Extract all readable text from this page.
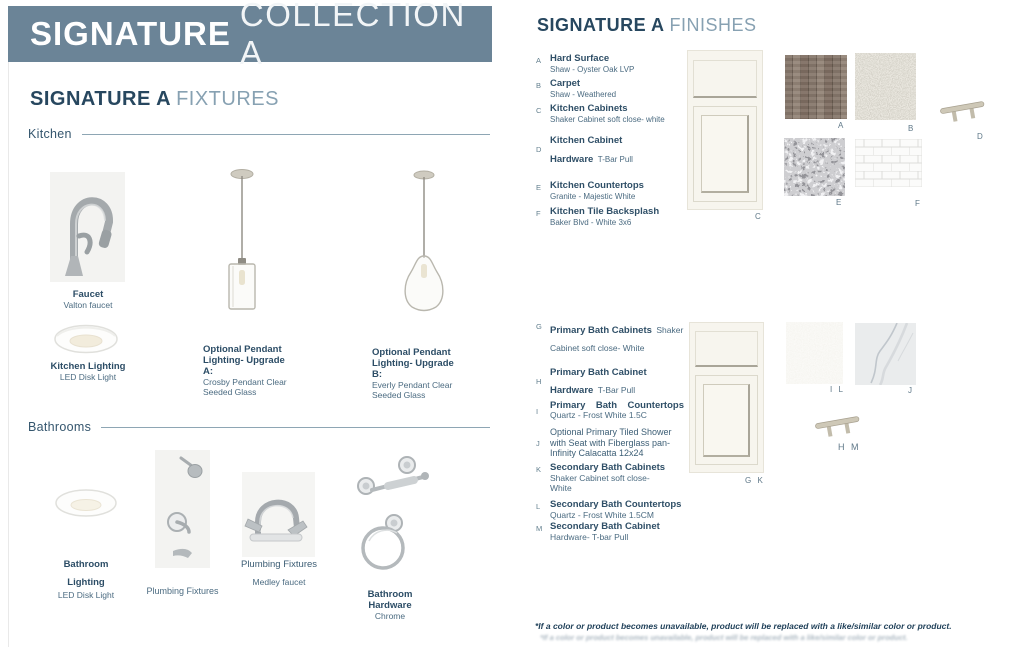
SIGNATURE
COLLECTION A
SIGNATURE A FIXTURES
Kitchen
Faucet
Valton faucet
Kitchen Lighting
LED Disk Light
Optional Pendant Lighting- Upgrade A:
Crosby Pendant Clear Seeded Glass
Optional Pendant Lighting- Upgrade B:
Everly Pendant Clear Seeded Glass
Bathrooms
Bathroom Lighting
LED Disk Light	Plumbing Fixtures
Plumbing Fixtures Medley faucet
Bathroom Hardware
Chrome
SIGNATURE A FINISHES
A Hard Surface
Shaw - Oyster Oak LVP
B Carpet
Shaw - Weathered
C Kitchen Cabinets
Shaker Cabinet soft close- white
D
Kitchen Cabinet Hardware T-Bar Pull
E Kitchen Countertops
Granite - Majestic White
F Kitchen Tile Backsplash
Baker Blvd - White 3x6
C
A	B
D
E	F
G Primary Bath Cabinets Shaker Cabinet soft close- White
H
Primary Bath Cabinet Hardware T-Bar Pull
I
Primary Bath Countertops
Quartz - Frost White 1.5C
J
Optional Primary Tiled Shower with Seat with Fiberglass pan- Infinity Calacatta 12x24
K Secondary Bath Cabinets
Shaker Cabinet soft close- White
L	Secondary Bath Countertops
Quartz - Frost White 1.5CM
M Secondary Bath Cabinet
Hardware- T-bar Pull
G K
I L	J
H M
*If a color or product becomes unavailable, product will be replaced with a like/similar color or product.
*If a color or product becomes unavailable, product will be replaced with a like/similar color or product.
